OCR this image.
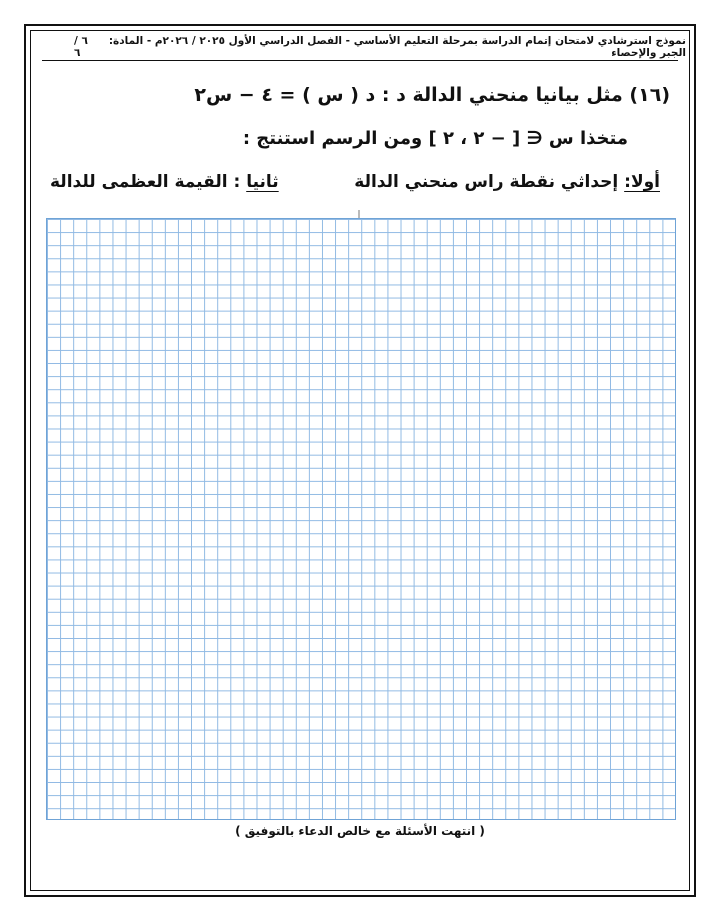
نموذج استرشادي لامتحان إتمام الدراسة بمرحلة التعليم الأساسي - الفصل الدراسي الأول ٢٠٢٥ / ٢٠٢٦م - المادة: الجبر والإحصاء
٦ / ٦
(١٦) مثل بيانيا منحني الدالة د : د ( س ) = ٤ − س٢
متخذا س ∈ [ − ٢ ، ٢ ] ومن الرسم استنتج :
أولا: إحداثي نقطة راس منحني الدالة
ثانيا : القيمة العظمى للدالة
( انتهت الأسئلة مع خالص الدعاء بالتوفيق )
